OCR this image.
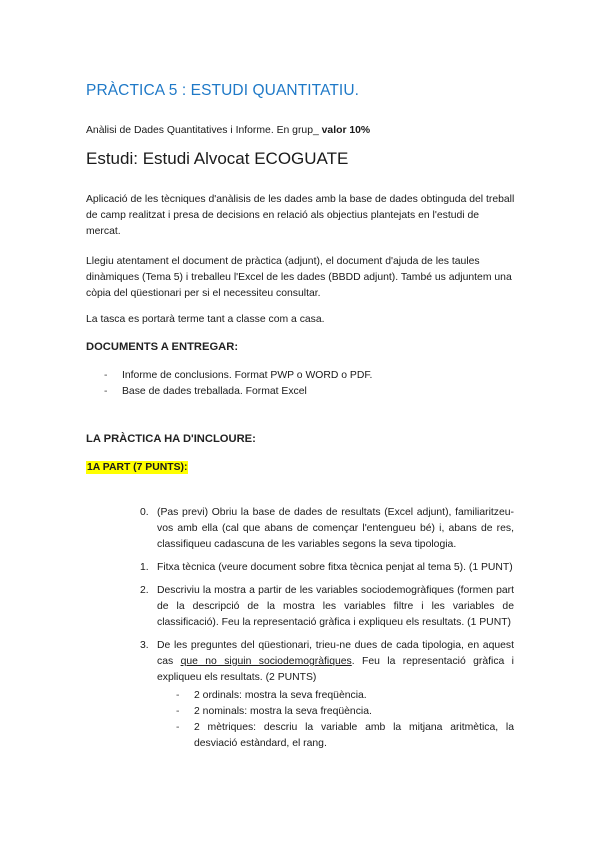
PRÀCTICA 5 : ESTUDI QUANTITATIU.

Anàlisi de Dades Quantitatives i Informe. En grup_ valor 10%

Estudi: Estudi Alvocat ECOGUATE

Aplicació de les tècniques d'anàlisis de les dades amb la base de dades obtinguda del treball de camp realitzat i presa de decisions en relació als objectius plantejats en l'estudi de mercat.

Llegiu atentament el document de pràctica (adjunt), el document d'ajuda de les taules dinàmiques (Tema 5) i treballeu l'Excel de les dades (BBDD adjunt). També us adjuntem una còpia del qüestionari per si el necessiteu consultar.

La tasca es portarà terme tant a classe com a casa.

DOCUMENTS A ENTREGAR:
- Informe de conclusions. Format PWP o WORD o PDF.
- Base de dades treballada. Format Excel
LA PRÀCTICA HA D'INCLOURE:

1A PART (7 PUNTS):

0. (Pas previ) Obriu la base de dades de resultats (Excel adjunt), familiaritzeu-vos amb ella (cal que abans de començar l'entengueu bé) i, abans de res, classifiqueu cadascuna de les variables segons la seva tipologia.
1. Fitxa tècnica (veure document sobre fitxa tècnica penjat al tema 5). (1 PUNT)
2. Descriviu la mostra a partir de les variables sociodemogràfiques (formen part de la descripció de la mostra les variables filtre i les variables de classificació). Feu la representació gràfica i expliqueu els resultats. (1 PUNT)
3. De les preguntes del qüestionari, trieu-ne dues de cada tipologia, en aquest cas que no siguin sociodemogràfiques. Feu la representació gràfica i expliqueu els resultats. (2 PUNTS)
- 2 ordinals: mostra la seva freqüència.
- 2 nominals: mostra la seva freqüència.
- 2 mètriques: descriu la variable amb la mitjana aritmètica, la desviació estàndard, el rang.
